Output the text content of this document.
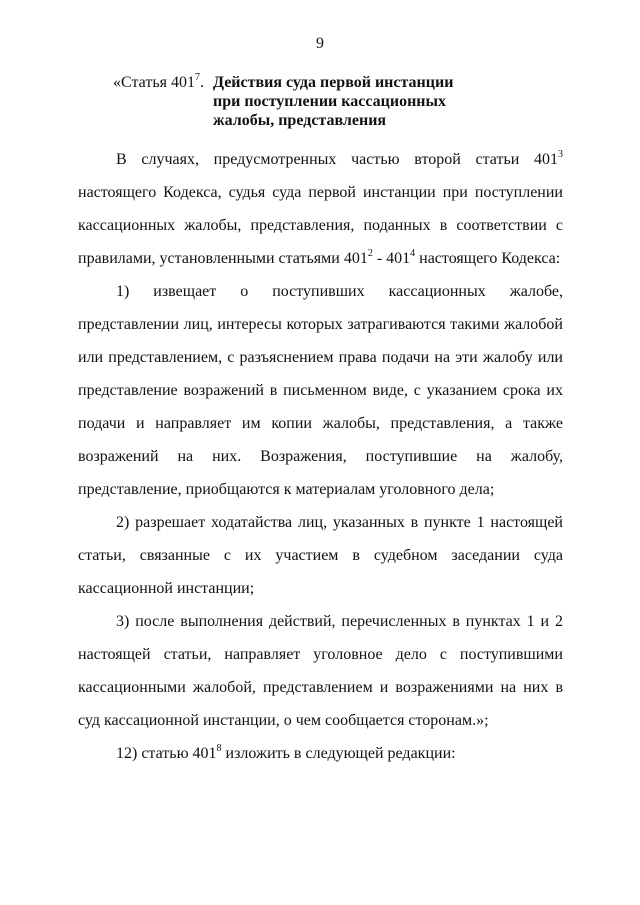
9
«Статья $401^7$. Действия суда первой инстанции
при поступлении кассационных
жалобы, представления

В случаях, предусмотренных частью второй статьи $401^3$ настоящего Кодекса, судья суда первой инстанции при поступлении кассационных жалобы, представления, поданных в соответствии с правилами, установленными статьями $401^2 - 401^4$ настоящего Кодекса:

1) извещает о поступивших кассационных жалобе, представлении лиц, интересы которых затрагиваются такими жалобой или представлением, с разъяснением права подачи на эти жалобу или представление возражений в письменном виде, с указанием срока их подачи и направляет им копии жалобы, представления, а также возражений на них. Возражения, поступившие на жалобу, представление, приобщаются к материалам уголовного дела;

2) разрешает ходатайства лиц, указанных в пункте 1 настоящей статьи, связанные с их участием в судебном заседании суда кассационной инстанции;

3) после выполнения действий, перечисленных в пунктах 1 и 2 настоящей статьи, направляет уголовное дело с поступившими кассационными жалобой, представлением и возражениями на них в суд кассационной инстанции, о чем сообщается сторонам.»;

12) статью $401^8$ изложить в следующей редакции:
